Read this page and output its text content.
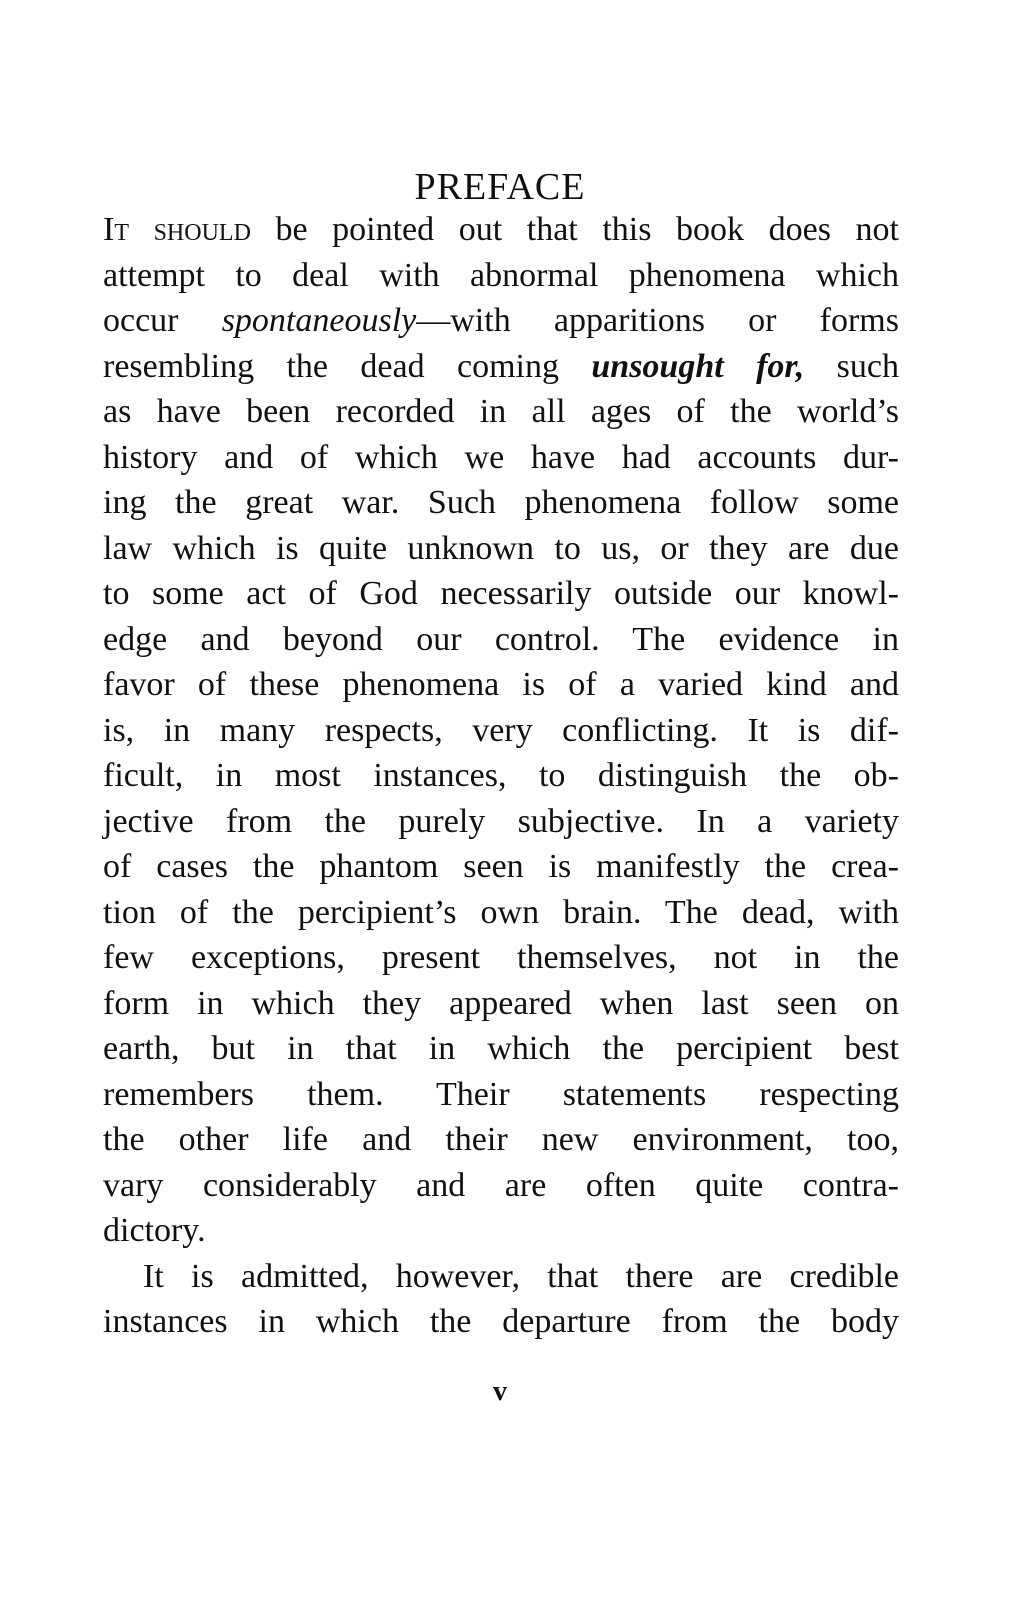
PREFACE
It should be pointed out that this book does not
attempt to deal with abnormal phenomena which
occur spontaneously—with apparitions or forms
resembling the dead coming unsought for, such
as have been recorded in all ages of the world’s
history and of which we have had accounts dur-
ing the great war. Such phenomena follow some
law which is quite unknown to us, or they are due
to some act of God necessarily outside our knowl-
edge and beyond our control. The evidence in
favor of these phenomena is of a varied kind and
is, in many respects, very conflicting. It is dif-
ficult, in most instances, to distinguish the ob-
jective from the purely subjective. In a variety
of cases the phantom seen is manifestly the crea-
tion of the percipient’s own brain. The dead, with
few exceptions, present themselves, not in the
form in which they appeared when last seen on
earth, but in that in which the percipient best
remembers them. Their statements respecting
the other life and their new environment, too,
vary considerably and are often quite contra-
dictory.
It is admitted, however, that there are credible
instances in which the departure from the body
v
